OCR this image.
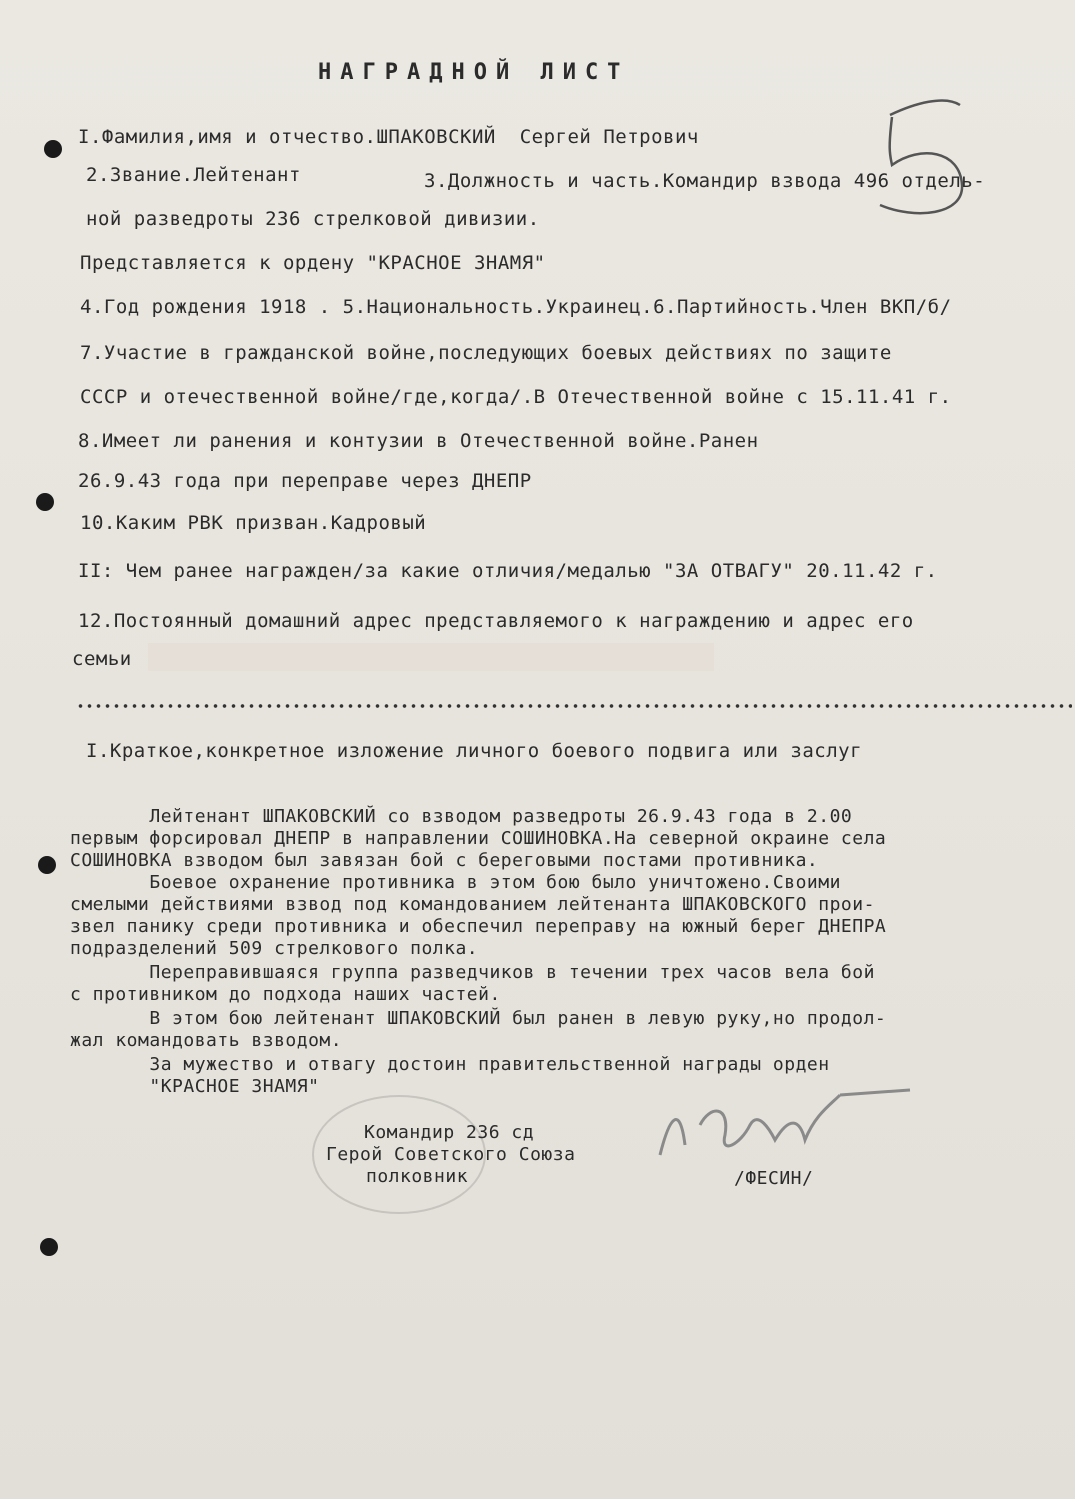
НАГРАДНОЙ ЛИСТ
I.Фамилия,имя и отчество.ШПАКОВСКИЙ  Сергей Петрович
2.Звание.Лейтенант	3.Должность и часть.Командир взвода 496 отдель-
ной разведроты 236 стрелковой дивизии.
Представляется к ордену "КРАСНОЕ ЗНАМЯ"
4.Год рождения 1918 . 5.Национальность.Украинец.6.Партийность.Член ВКП/б/
7.Участие в гражданской войне,последующих боевых действиях по защите
СССР и отечественной войне/где,когда/.В Отечественной войне с 15.11.41 г.
8.Имеет ли ранения и контузии в Отечественной войне.Ранен
26.9.43 года при переправе через ДНЕПР
10.Каким РВК призван.Кадровый
II: Чем ранее награжден/за какие отличия/медалью "ЗА ОТВАГУ" 20.11.42 г.
12.Постоянный домашний адрес представляемого к награждению и адрес его
семьи
I.Краткое,конкретное изложение личного боевого подвига или заслуг
Лейтенант ШПАКОВСКИЙ со взводом разведроты 26.9.43 года в 2.00
первым форсировал ДНЕПР в направлении СОШИНОВКА.На северной окраине села
СОШИНОВКА взводом был завязан бой с береговыми постами противника.
Боевое охранение противника в этом бою было уничтожено.Своими
смелыми действиями взвод под командованием лейтенанта ШПАКОВСКОГО прои-
звел панику среди противника и обеспечил переправу на южный берег ДНЕПРА
подразделений 509 стрелкового полка.
Переправившаяся группа разведчиков в течении трех часов вела бой
с противником до подхода наших частей.
В этом бою лейтенант ШПАКОВСКИЙ был ранен в левую руку,но продол-
жал командовать взводом.
За мужество и отвагу достоин правительственной награды орден
"КРАСНОЕ ЗНАМЯ"
Командир 236 сд
Герой Советского Союза
полковник	/ФЕСИН/
